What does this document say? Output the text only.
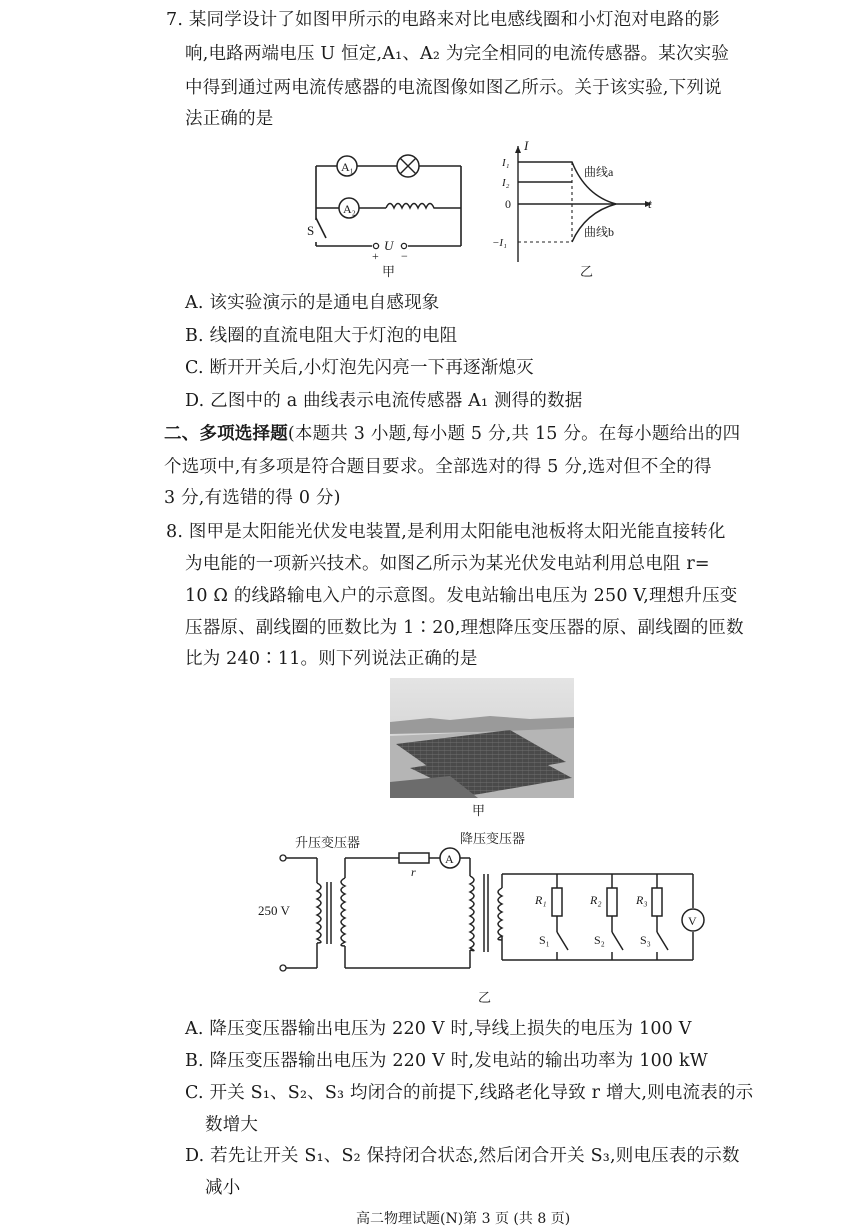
7. 某同学设计了如图甲所示的电路来对比电感线圈和小灯泡对电路的影
响,电路两端电压 U 恒定,A₁、A₂ 为完全相同的电流传感器。某次实验
中得到通过两电流传感器的电流图像如图乙所示。关于该实验,下列说
法正确的是
A₁
A₂
S
U
+ −
甲
I
t
I₁
I₂
0
−I₁
曲线a
曲线b
乙
A. 该实验演示的是通电自感现象
B. 线圈的直流电阻大于灯泡的电阻
C. 断开开关后,小灯泡先闪亮一下再逐渐熄灭
D. 乙图中的 a 曲线表示电流传感器 A₁ 测得的数据
二、多项选择题(本题共 3 小题,每小题 5 分,共 15 分。在每小题给出的四
个选项中,有多项是符合题目要求。全部选对的得 5 分,选对但不全的得
3 分,有选错的得 0 分)
8. 图甲是太阳能光伏发电装置,是利用太阳能电池板将太阳光能直接转化
为电能的一项新兴技术。如图乙所示为某光伏发电站利用总电阻 r=
10 Ω 的线路输电入户的示意图。发电站输出电压为 250 V,理想升压变
压器原、副线圈的匝数比为 1∶20,理想降压变压器的原、副线圈的匝数
比为 240∶11。则下列说法正确的是
甲
升压变压器	降压变压器
250 V
r
A
R₁	R₂	R₃
S₁	S₂	S₃
V
乙
A. 降压变压器输出电压为 220 V 时,导线上损失的电压为 100 V
B. 降压变压器输出电压为 220 V 时,发电站的输出功率为 100 kW
C. 开关 S₁、S₂、S₃ 均闭合的前提下,线路老化导致 r 增大,则电流表的示
数增大
D. 若先让开关 S₁、S₂ 保持闭合状态,然后闭合开关 S₃,则电压表的示数
减小
高二物理试题(N)第 3 页 (共 8 页)
